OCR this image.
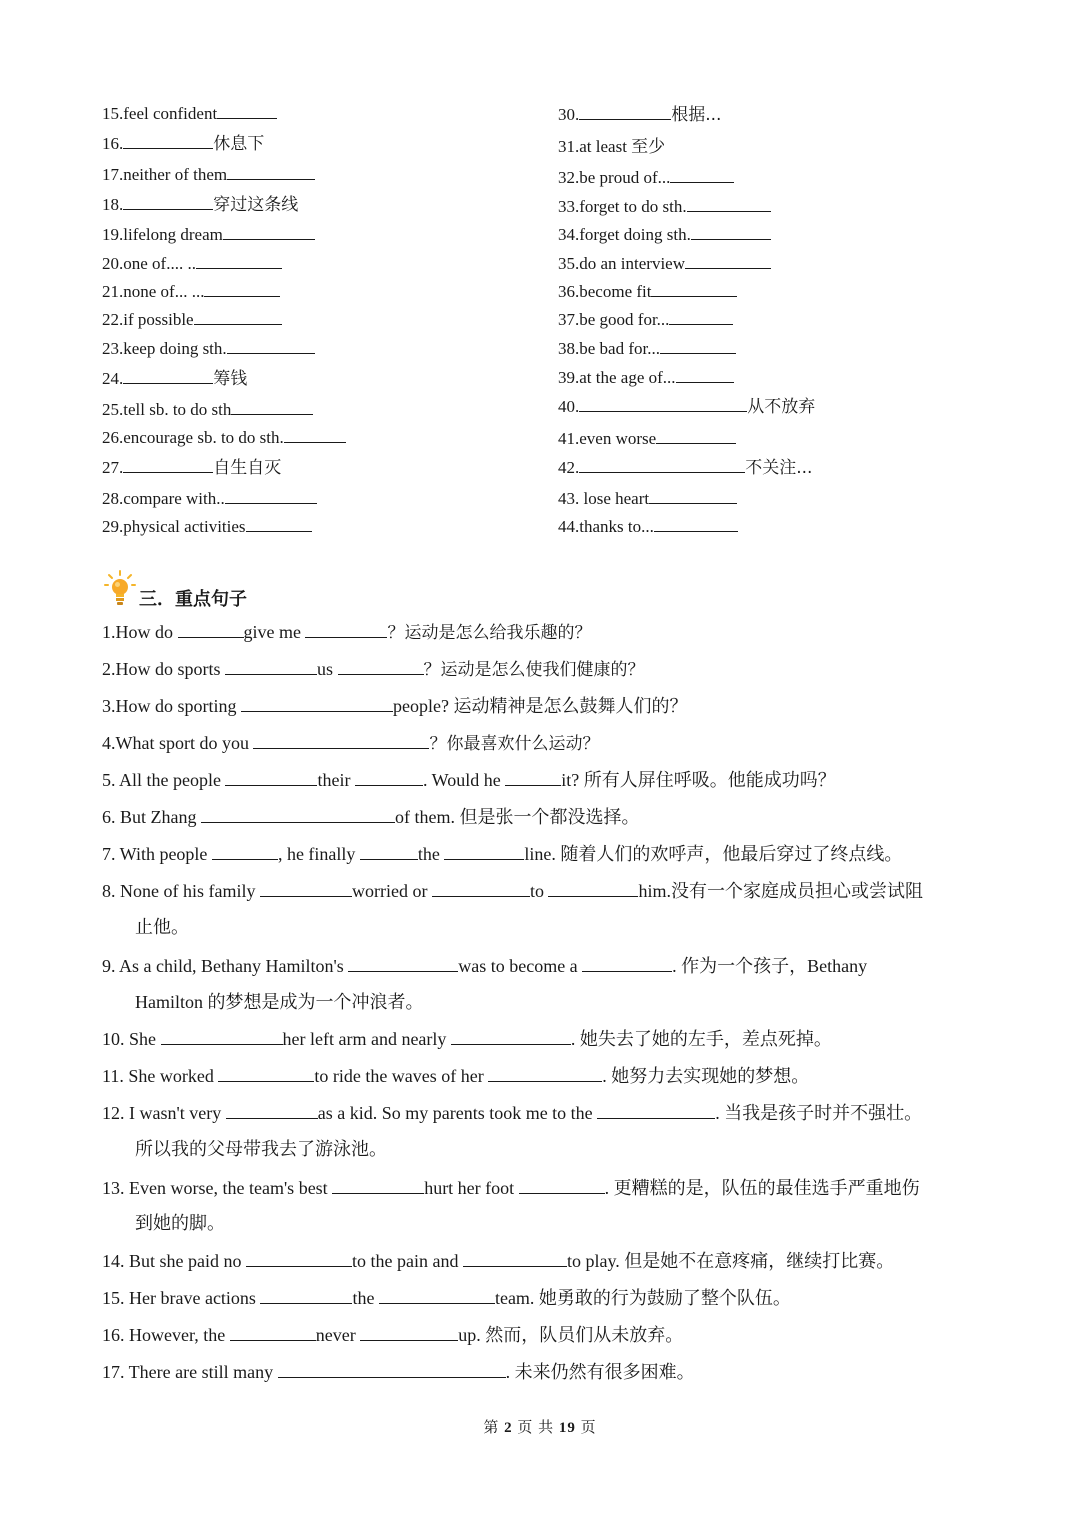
15.feel confident
16.	休息下
17.neither of them
18.	穿过这条线
19.lifelong dream
20.one of.... ..
21.none of... ...
22.if possible
23.keep doing sth.
24.	筹钱
25.tell sb. to do sth
26.encourage sb. to do sth.
27.	自生自灭
28.compare with..
29.physical activities
30.	根据...
31.at least 至少
32.be proud of...
33.forget to do sth.
34.forget doing sth.
35.do an interview
36.become fit
37.be good for...
38.be bad for...
39.at the age of...
40.	从不放弃
41.even worse
42.	不关注...
43. lose heart
44.thanks to...
三．重点句子
1.How do	give me	？运动是怎么给我乐趣的？
2.How do sports	us	？运动是怎么使我们健康的？
3.How do sporting	people? 运动精神是怎么鼓舞人们的？
4.What sport do you	？你最喜欢什么运动？
5. All the people	their	. Would he	it? 所有人屏住呼吸。他能成功吗？
6. But Zhang	of them. 但是张一个都没选择。
7. With people	, he finally	the	line. 随着人们的欢呼声，他最后穿过了终点线。
8. None of his family	worried or	to	him.没有一个家庭成员担心或尝试阻
止他。
9. As a child, Bethany Hamilton's	was to become a	. 作为一个孩子，Bethany
Hamilton 的梦想是成为一个冲浪者。
10. She	her left arm and nearly	. 她失去了她的左手，差点死掉。
11. She worked	to ride the waves of her	. 她努力去实现她的梦想。
12. I wasn't very	as a kid. So my parents took me to the	. 当我是孩子时并不强壮。
所以我的父母带我去了游泳池。
13. Even worse, the team's best	hurt her foot	. 更糟糕的是，队伍的最佳选手严重地伤
到她的脚。
14. But she paid no	to the pain and	to play. 但是她不在意疼痛，继续打比赛。
15. Her brave actions	the	team. 她勇敢的行为鼓励了整个队伍。
16. However, the	never	up. 然而，队员们从未放弃。
17. There are still many	. 未来仍然有很多困难。
第 2 页 共 19 页
